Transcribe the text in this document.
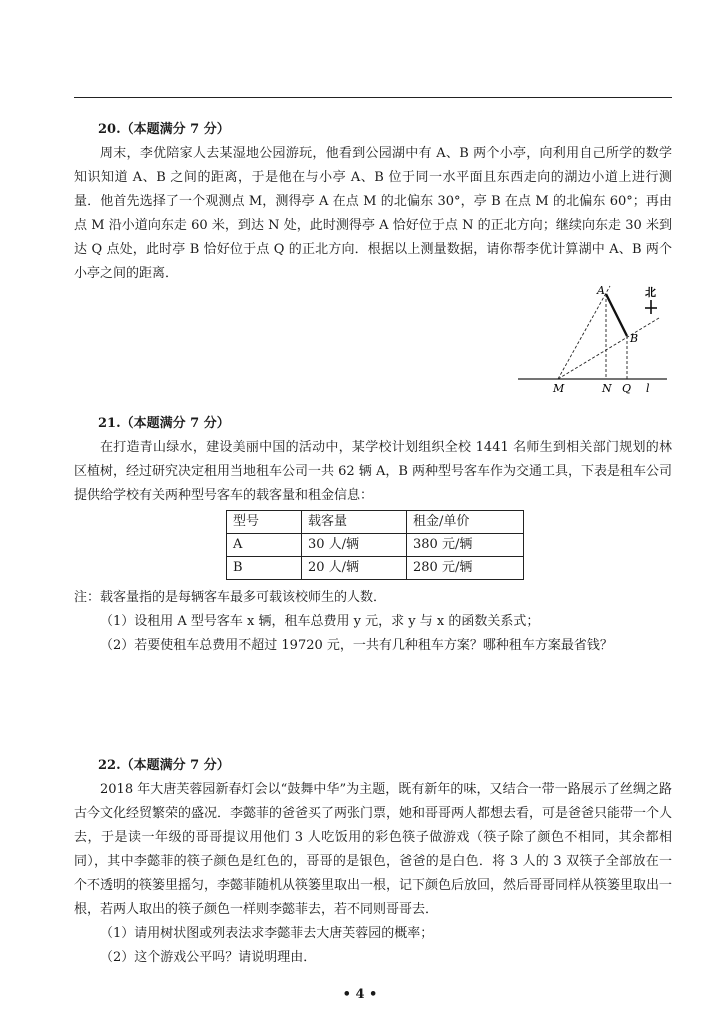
20.（本题满分 7 分）

周末，李优陪家人去某湿地公园游玩，他看到公园湖中有 A、B 两个小亭，向利用自己所学的数学知识知道 A、B 之间的距离，于是他在与小亭 A、B 位于同一水平面且东西走向的湖边小道上进行测量．他首先选择了一个观测点 M，测得亭 A 在点 M 的北偏东 30°，亭 B 在点 M 的北偏东 60°；再由点 M 沿小道向东走 60 米，到达 N 处，此时测得亭 A 恰好位于点 N 的正北方向；继续向东走 30 米到达 Q 点处，此时亭 B 恰好位于点 Q 的正北方向．根据以上测量数据，请你帮李优计算湖中 A、B 两个小亭之间的距离．

北
A
B
M	N Q l

21.（本题满分 7 分）

在打造青山绿水，建设美丽中国的活动中，某学校计划组织全校 1441 名师生到相关部门规划的林区植树，经过研究决定租用当地租车公司一共 62 辆 A，B 两种型号客车作为交通工具，下表是租车公司提供给学校有关两种型号客车的载客量和租金信息：

型号	载客量	租金/单价
A	30 人/辆	380 元/辆
B	20 人/辆	280 元/辆

注：载客量指的是每辆客车最多可载该校师生的人数．

（1）设租用 A 型号客车 x 辆，租车总费用 y 元，求 y 与 x 的函数关系式；

（2）若要使租车总费用不超过 19720 元，一共有几种租车方案？哪种租车方案最省钱？

22.（本题满分 7 分）

2018 年大唐芙蓉园新春灯会以“鼓舞中华”为主题，既有新年的味，又结合一带一路展示了丝绸之路古今文化经贸繁荣的盛况．李懿菲的爸爸买了两张门票，她和哥哥两人都想去看，可是爸爸只能带一个人去，于是读一年级的哥哥提议用他们 3 人吃饭用的彩色筷子做游戏（筷子除了颜色不相同，其余都相同），其中李懿菲的筷子颜色是红色的，哥哥的是银色，爸爸的是白色．将 3 人的 3 双筷子全部放在一个不透明的筷篓里摇匀，李懿菲随机从筷篓里取出一根，记下颜色后放回，然后哥哥同样从筷篓里取出一根，若两人取出的筷子颜色一样则李懿菲去，若不同则哥哥去．

（1）请用树状图或列表法求李懿菲去大唐芙蓉园的概率；

（2）这个游戏公平吗？请说明理由．

• 4 •
